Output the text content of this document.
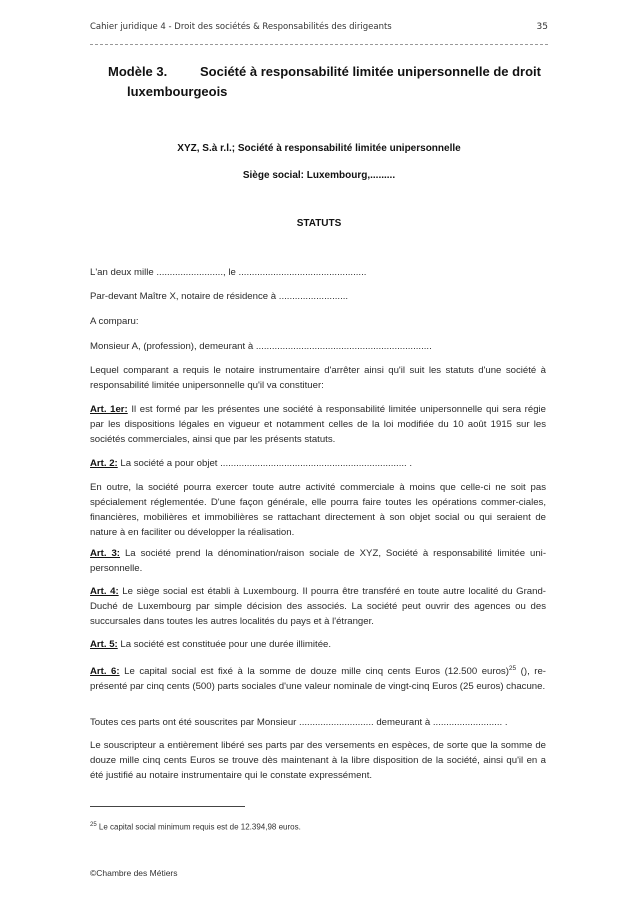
Cahier juridique 4 - Droit des sociétés & Responsabilités des dirigeants	35
Modèle 3.	Société à responsabilité limitée unipersonnelle de droit
luxembourgeois
XYZ, S.à r.l.; Société à responsabilité limitée unipersonnelle
Siège social: Luxembourg,.........
STATUTS
L'an deux mille ........................., le ................................................
Par-devant Maître X, notaire de résidence à ..........................
A comparu:
Monsieur A, (profession), demeurant à ..................................................................
Lequel comparant a requis le notaire instrumentaire d'arrêter ainsi qu'il suit les statuts d'une société à responsabilité limitée unipersonnelle qu'il va constituer:
Art. 1er: Il est formé par les présentes une société à responsabilité limitée unipersonnelle qui sera régie par les dispositions légales en vigueur et notamment celles de la loi modifiée du 10 août 1915 sur les sociétés commerciales, ainsi que par les présents statuts.
Art. 2: La société a pour objet ...................................................................... .
En outre, la société pourra exercer toute autre activité commerciale à moins que celle-ci ne soit pas spécialement réglementée. D'une façon générale, elle pourra faire toutes les opérations commer-ciales, financières, mobilières et immobilières se rattachant directement à son objet social ou qui seraient de nature à en faciliter ou développer la réalisation.
Art. 3: La société prend la dénomination/raison sociale de XYZ, Société à responsabilité limitée uni-personnelle.
Art. 4: Le siège social est établi à Luxembourg. Il pourra être transféré en toute autre localité du Grand-Duché de Luxembourg par simple décision des associés. La société peut ouvrir des agences ou des succursales dans toutes les autres localités du pays et à l'étranger.
Art. 5: La société est constituée pour une durée illimitée.
Art. 6: Le capital social est fixé à la somme de douze mille cinq cents Euros (12.500 euros)$^{25}$ (), re-présenté par cinq cents (500) parts sociales d'une valeur nominale de vingt-cinq Euros (25 euros) chacune.
Toutes ces parts ont été souscrites par Monsieur ............................ demeurant à .......................... .
Le souscripteur a entièrement libéré ses parts par des versements en espèces, de sorte que la somme de douze mille cinq cents Euros se trouve dès maintenant à la libre disposition de la société, ainsi qu'il en a été justifié au notaire instrumentaire qui le constate expressément.
$^{25}$ Le capital social minimum requis est de 12.394,98 euros.
©Chambre des Métiers
